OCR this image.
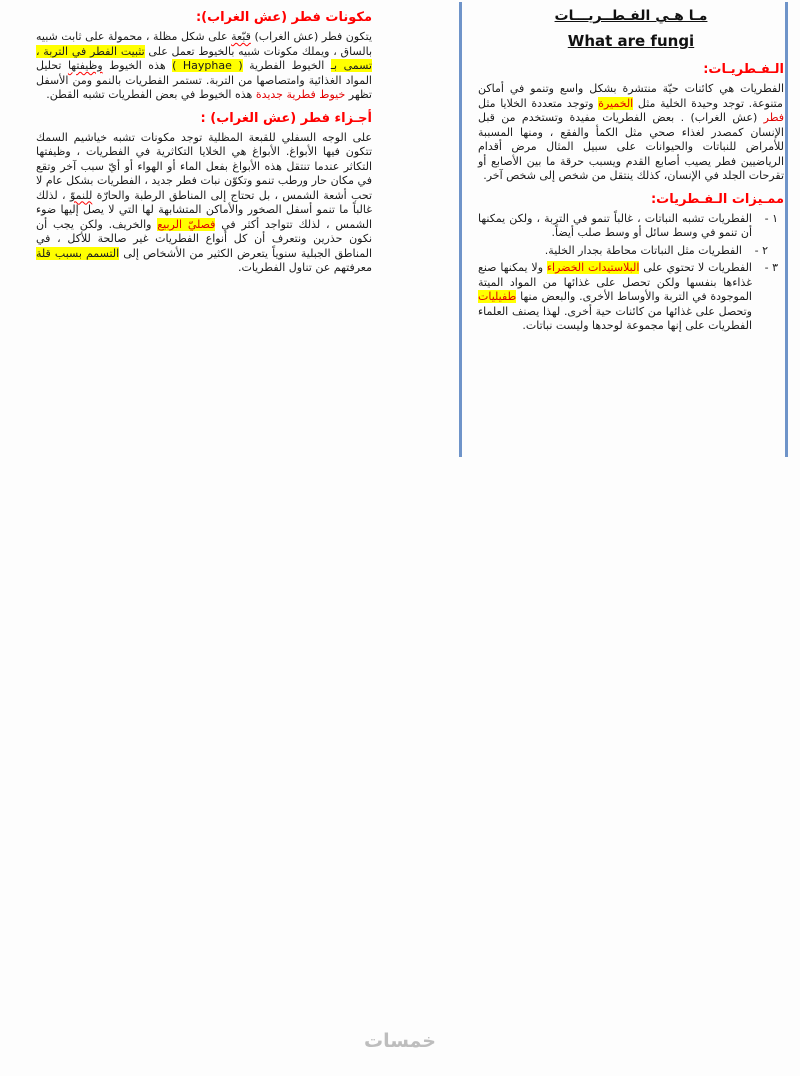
مـا هـي الفـطــريـــات
What are fungi
الـفـطريـات:

الفطريات هي كائنات حيّة منتشرة بشكل واسع وتنمو في أماكن متنوعة. توجد وحيدة الخلية مثل الخميرة وتوجد متعددة الخلايا مثل فطر (عش الغراب) . بعض الفطريات مفيدة وتستخدم من قبل الإنسان كمصدر لغذاء صحي مثل الكمأ والفقع ، ومنها المسببة للأمراض للنباتات والحيوانات على سبيل المثال مرض أقدام الرياضيين فطر يصيب أصابع القدم ويسبب حرقة ما بين الأصابع أو تقرحات الجلد في الإنسان، كذلك ينتقل من شخص إلى شخص آخر.

ممـيزات الـفـطريات:
١ -
الفطريات تشبه النباتات ، غالباً تنمو في التربة ، ولكن يمكنها أن تنمو في وسط سائل أو وسط صلب أيضاً.
٢ -
الفطريات مثل النباتات محاطة بجدار الخلية.
٣ -
الفطريات لا تحتوي على البلاستيدات الخضراء ولا يمكنها صنع غذاءها بنفسها ولكن تحصل على غذائها من المواد الميتة الموجودة في التربة والأوساط الأخرى. والبعض منها طفيليات وتحصل على غذائها من كائنات حية أخرى. لهذا يصنف العلماء الفطريات على إنها مجموعة لوحدها وليست نباتات.
مكونات فطر (عش الغراب):

يتكون فطر (عش الغراب) قبّعة على شكل مظلة ، محمولة على ثابت شبيه بالساق ، ويملك مكونات شبيه بالخيوط تعمل على تثبيت الفطر في التربة ، تسمى بـ الخيوط الفطرية ( Hayphae ) هذه الخيوط وظيفتها تحليل المواد الغذائية وامتصاصها من التربة. تستمر الفطريات بالنمو ومن الأسفل تظهر خيوط فطرية جديدة هذه الخيوط في بعض الفطريات تشبه القطن.

أجـزاء فطر (عش الغراب) :

على الوجه السفلي للقبعة المظلية توجد مكونات تشبه خياشيم السمك تتكون فيها الأبواغ. الأبواغ هي الخلايا التكاثرية في الفطريات ، وظيفتها التكاثر عندما تنتقل هذه الأبواغ بفعل الماء أو الهواء أو أيّ سبب آخر وتقع في مكان حار ورطب تنمو وتكوّن نبات فطر جديد ، الفطريات بشكل عام لا تحب أشعة الشمس ، بل تحتاج إلى المناطق الرطبة والحارّة للنموّ ، لذلك غالباً ما تنمو أسفل الصخور والأماكن المتشابهة لها التي لا يصل إليها ضوء الشمس ، لذلك تتواجد أكثر في فصليّ الربيع والخريف. ولكن يجب أن نكون حذرين ونتعرف أن كل أنواع الفطريات غير صالحة للأكل ، في المناطق الجبلية سنوياً يتعرض الكثير من الأشخاص إلى التسمم بسبب قلة معرفتهم عن تناول الفطريات.

خمسات
